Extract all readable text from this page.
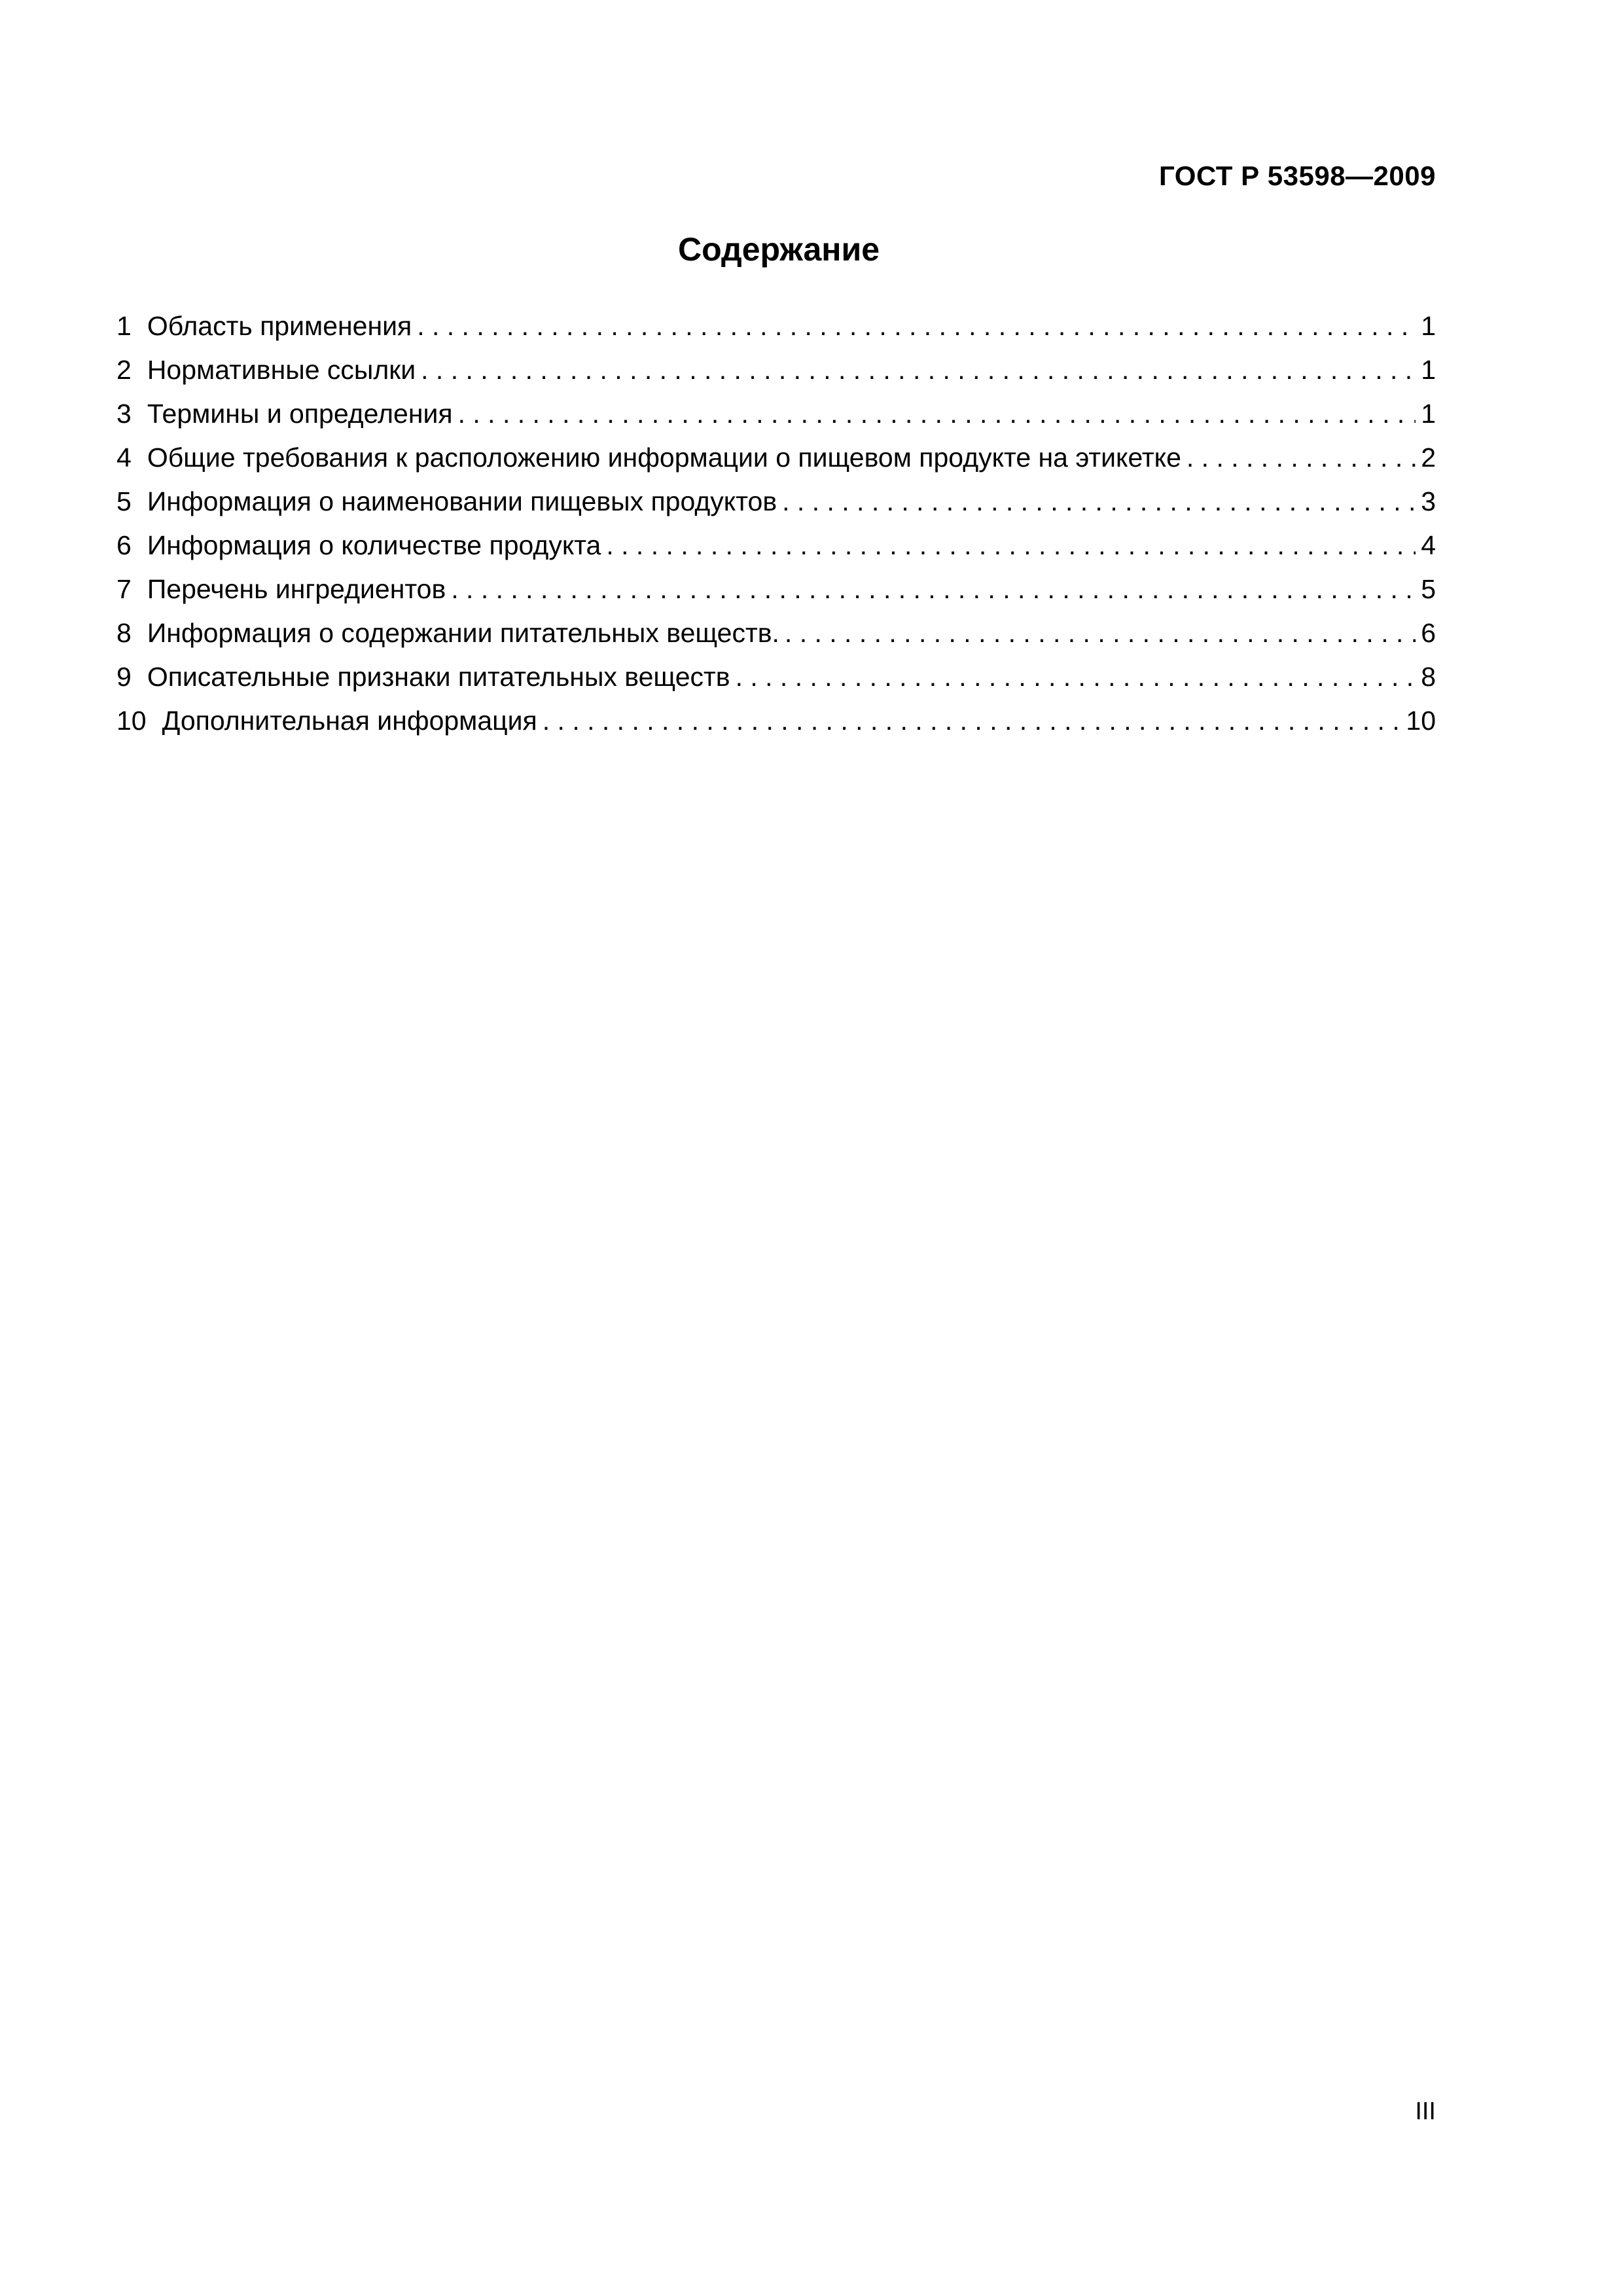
ГОСТ Р 53598—2009
Содержание
1 Область применения . . .	1
2 Нормативные ссылки . . .	1
3 Термины и определения . . .	1
4 Общие требования к расположению информации о пищевом продукте на этикетке . . .	2
5 Информация о наименовании пищевых продуктов . . .	3
6 Информация о количестве продукта . . .	4
7 Перечень ингредиентов . . .	5
8 Информация о содержании питательных веществ. . . .	6
9 Описательные признаки питательных веществ . . .	8
10 Дополнительная информация . . .	10
III
